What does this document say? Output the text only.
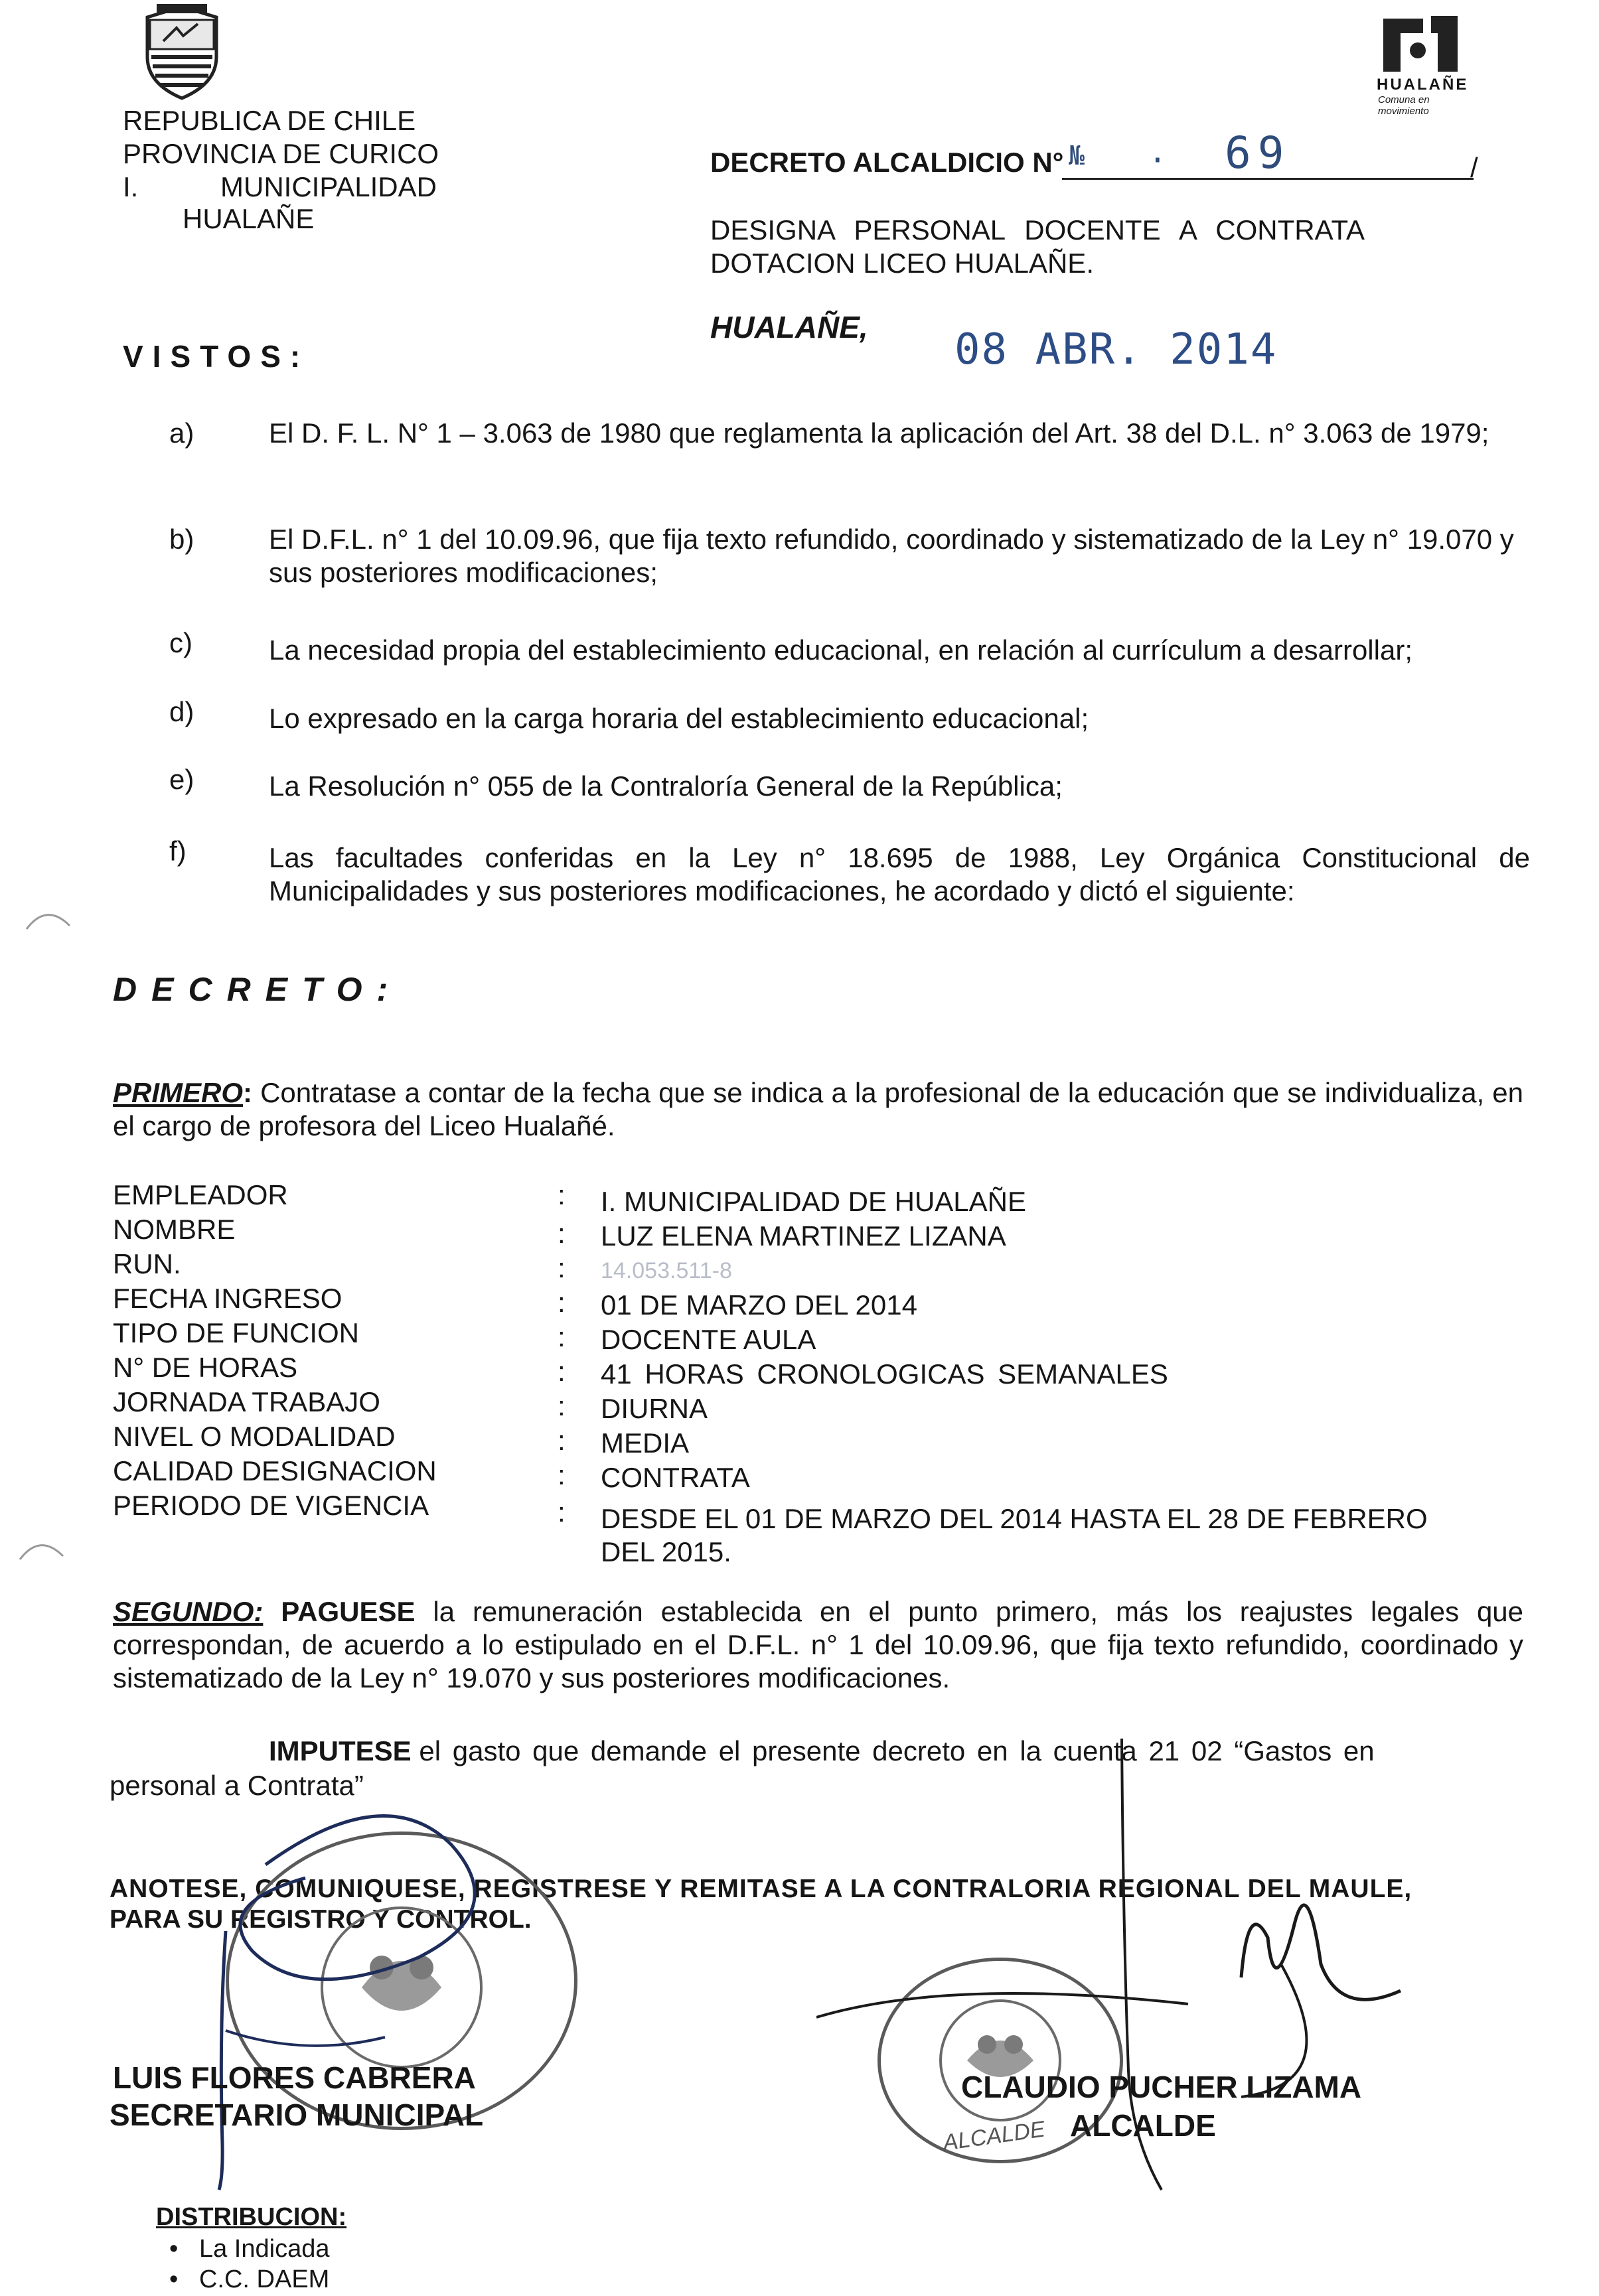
HUALAÑE
Comuna en movimiento
REPUBLICA DE CHILE
PROVINCIA DE CURICO
I.	MUNICIPALIDAD
HUALAÑE
DECRETO ALCALDICIO N° № · 69	/
DESIGNA PERSONAL DOCENTE A CONTRATA
DOTACION LICEO HUALAÑE.
HUALAÑE, 08 ABR. 2014
VISTOS:
a)	El D. F. L. N° 1 – 3.063 de 1980 que reglamenta la aplicación del Art. 38 del D.L. n° 3.063 de 1979;
b)	El D.F.L. n° 1 del 10.09.96, que fija texto refundido, coordinado y sistematizado de la Ley n° 19.070 y sus posteriores modificaciones;
c)	La necesidad propia del establecimiento educacional, en relación al currículum a desarrollar;
d)	Lo expresado en la carga horaria del establecimiento educacional;
e)	La Resolución n° 055 de la Contraloría General de la República;
f)	Las facultades conferidas en la Ley n° 18.695 de 1988, Ley Orgánica Constitucional de Municipalidades y sus posteriores modificaciones, he acordado y dictó el siguiente:
DECRETO:
PRIMERO: Contratase a contar de la fecha que se indica a la profesional de la educación que se individualiza, en el cargo de profesora del Liceo Hualañé.
EMPLEADOR	: I. MUNICIPALIDAD DE HUALAÑE
NOMBRE	: LUZ ELENA MARTINEZ LIZANA
RUN.	: 14.053.511-8
FECHA INGRESO	: 01 DE MARZO DEL 2014
TIPO DE FUNCION	: DOCENTE AULA
N° DE HORAS	: 41 HORAS CRONOLOGICAS SEMANALES
JORNADA TRABAJO	: DIURNA
NIVEL O MODALIDAD	: MEDIA
CALIDAD DESIGNACION	: CONTRATA
PERIODO DE VIGENCIA	: DESDE EL 01 DE MARZO DEL 2014 HASTA EL 28 DE FEBRERO
DEL 2015.
SEGUNDO: PAGUESE la remuneración establecida en el punto primero, más los reajustes legales que correspondan, de acuerdo a lo estipulado en el D.F.L. n° 1 del 10.09.96, que fija texto refundido, coordinado y sistematizado de la Ley n° 19.070 y sus posteriores modificaciones.
IMPUTESE el gasto que demande el presente decreto en la cuenta 21 02 “Gastos en
personal a Contrata”
ANOTESE, COMUNIQUESE, REGISTRESE Y REMITASE A LA CONTRALORIA REGIONAL DEL MAULE,
PARA SU REGISTRO Y CONTROL.
ALCALDE
LUIS FLORES CABRERA
SECRETARIO MUNICIPAL
CLAUDIO PUCHER LIZAMA
ALCALDE
DISTRIBUCION:
•   La Indicada
•   C.C. DAEM
